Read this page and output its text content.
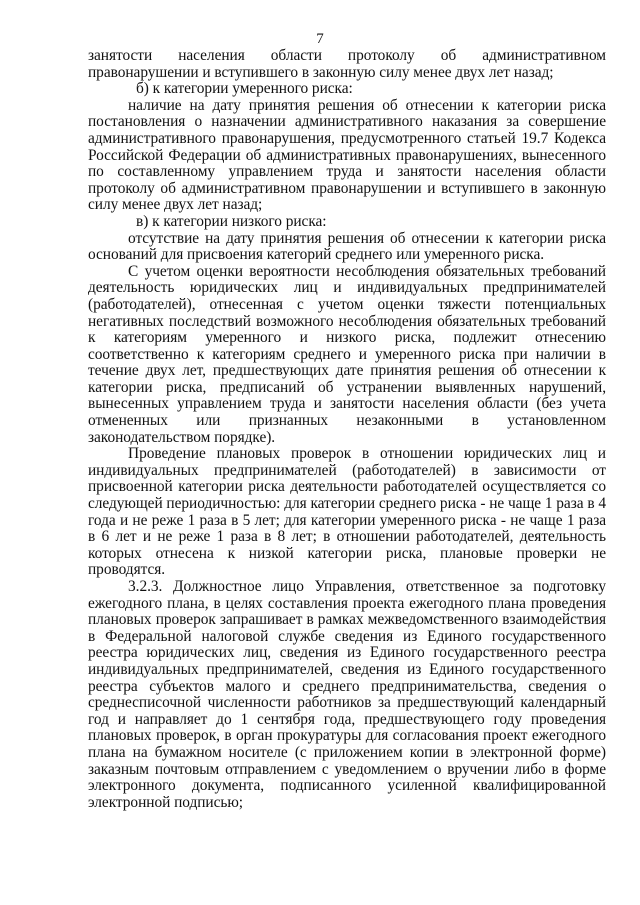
7

занятости населения области протоколу об административном правонарушении и вступившего в законную силу менее двух лет назад;

б) к категории умеренного риска:

наличие на дату принятия решения об отнесении к категории риска постановления о назначении административного наказания за совершение административного правонарушения, предусмотренного статьей 19.7 Кодекса Российской Федерации об административных правонарушениях, вынесенного по составленному управлением труда и занятости населения области протоколу об административном правонарушении и вступившего в законную силу менее двух лет назад;

в) к категории низкого риска:

отсутствие на дату принятия решения об отнесении к категории риска оснований для присвоения категорий среднего или умеренного риска.

С учетом оценки вероятности несоблюдения обязательных требований деятельность юридических лиц и индивидуальных предпринимателей (работодателей), отнесенная с учетом оценки тяжести потенциальных негативных последствий возможного несоблюдения обязательных требований к категориям умеренного и низкого риска, подлежит отнесению соответственно к категориям среднего и умеренного риска при наличии в течение двух лет, предшествующих дате принятия решения об отнесении к категории риска, предписаний об устранении выявленных нарушений, вынесенных управлением труда и занятости населения области (без учета отмененных или признанных незаконными в установленном законодательством порядке).

Проведение плановых проверок в отношении юридических лиц и индивидуальных предпринимателей (работодателей) в зависимости от присвоенной категории риска деятельности работодателей осуществляется со следующей периодичностью: для категории среднего риска - не чаще 1 раза в 4 года и не реже 1 раза в 5 лет; для категории умеренного риска - не чаще 1 раза в 6 лет и не реже 1 раза в 8 лет; в отношении работодателей, деятельность которых отнесена к низкой категории риска, плановые проверки не проводятся.

3.2.3. Должностное лицо Управления, ответственное за подготовку ежегодного плана, в целях составления проекта ежегодного плана проведения плановых проверок запрашивает в рамках межведомственного взаимодействия в Федеральной налоговой службе сведения из Единого государственного реестра юридических лиц, сведения из Единого государственного реестра индивидуальных предпринимателей, сведения из Единого государственного реестра субъектов малого и среднего предпринимательства, сведения о среднесписочной численности работников за предшествующий календарный год и направляет до 1 сентября года, предшествующего году проведения плановых проверок, в орган прокуратуры для согласования проект ежегодного плана на бумажном носителе (с приложением копии в электронной форме) заказным почтовым отправлением с уведомлением о вручении либо в форме электронного документа, подписанного усиленной квалифицированной электронной подписью;
